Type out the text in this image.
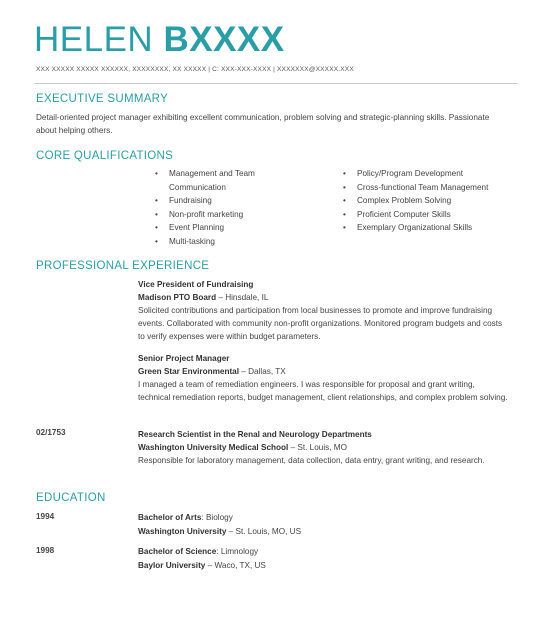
HELEN BXXXX
XXX XXXXX XXXXX XXXXXX, XXXXXXXX, XX XXXXX | C: XXX-XXX-XXXX | XXXXXXX@XXXXX.XXX
EXECUTIVE SUMMARY
Detail-oriented project manager exhibiting excellent communication, problem solving and strategic-planning skills. Passionate about helping others.
CORE QUALIFICATIONS
• Management and Team Communication
• Fundraising
• Non-profit marketing
• Event Planning
• Multi-tasking
• Policy/Program Development
• Cross-functional Team Management
• Complex Problem Solving
• Proficient Computer Skills
• Exemplary Organizational Skills
PROFESSIONAL EXPERIENCE
Vice President of Fundraising
Madison PTO Board – Hinsdale, IL
Solicited contributions and participation from local businesses to promote and improve fundraising events. Collaborated with community non-profit organizations. Monitored program budgets and costs to verify expenses were within budget parameters.
Senior Project Manager
Green Star Environmental – Dallas, TX
I managed a team of remediation engineers. I was responsible for proposal and grant writing, technical remediation reports, budget management, client relationships, and complex problem solving.
02/1753	Research Scientist in the Renal and Neurology Departments
Washington University Medical School – St. Louis, MO
Responsible for laboratory management, data collection, data entry, grant writing, and research.
EDUCATION
1994	Bachelor of Arts: Biology
Washington University – St. Louis, MO, US
1998	Bachelor of Science: Limnology
Baylor University – Waco, TX, US
